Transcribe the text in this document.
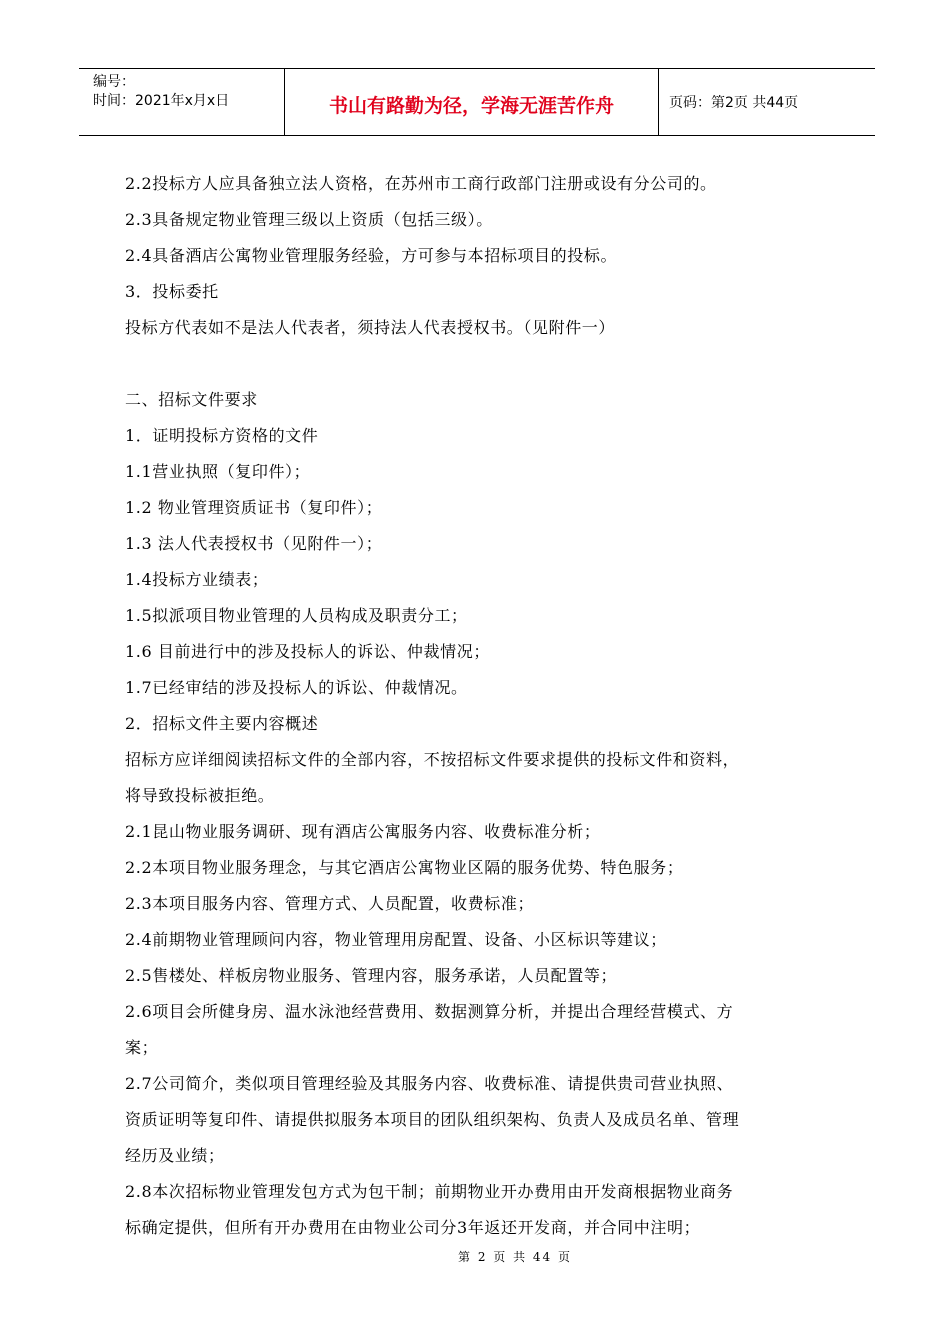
编号：
时间：2021年x月x日	书山有路勤为径，学海无涯苦作舟	页码：第2页 共44页
2.2投标方人应具备独立法人资格，在苏州市工商行政部门注册或设有分公司的。
2.3具备规定物业管理三级以上资质（包括三级）。
2.4具备酒店公寓物业管理服务经验，方可参与本招标项目的投标。
3．投标委托
投标方代表如不是法人代表者，须持法人代表授权书。（见附件一）
二、招标文件要求
1．证明投标方资格的文件
1.1营业执照（复印件）；
1.2 物业管理资质证书（复印件）；
1.3 法人代表授权书（见附件一）；
1.4投标方业绩表；
1.5拟派项目物业管理的人员构成及职责分工；
1.6 目前进行中的涉及投标人的诉讼、仲裁情况；
1.7已经审结的涉及投标人的诉讼、仲裁情况。
2．招标文件主要内容概述
招标方应详细阅读招标文件的全部内容，不按招标文件要求提供的投标文件和资料，
将导致投标被拒绝。
2.1昆山物业服务调研、现有酒店公寓服务内容、收费标准分析；
2.2本项目物业服务理念，与其它酒店公寓物业区隔的服务优势、特色服务；
2.3本项目服务内容、管理方式、人员配置，收费标准；
2.4前期物业管理顾问内容，物业管理用房配置、设备、小区标识等建议；
2.5售楼处、样板房物业服务、管理内容，服务承诺，人员配置等；
2.6项目会所健身房、温水泳池经营费用、数据测算分析，并提出合理经营模式、方
案；
2.7公司简介，类似项目管理经验及其服务内容、收费标准、请提供贵司营业执照、
资质证明等复印件、请提供拟服务本项目的团队组织架构、负责人及成员名单、管理
经历及业绩；
2.8本次招标物业管理发包方式为包干制；前期物业开办费用由开发商根据物业商务
标确定提供，但所有开办费用在由物业公司分3年返还开发商，并合同中注明；
第 2 页 共 44 页
